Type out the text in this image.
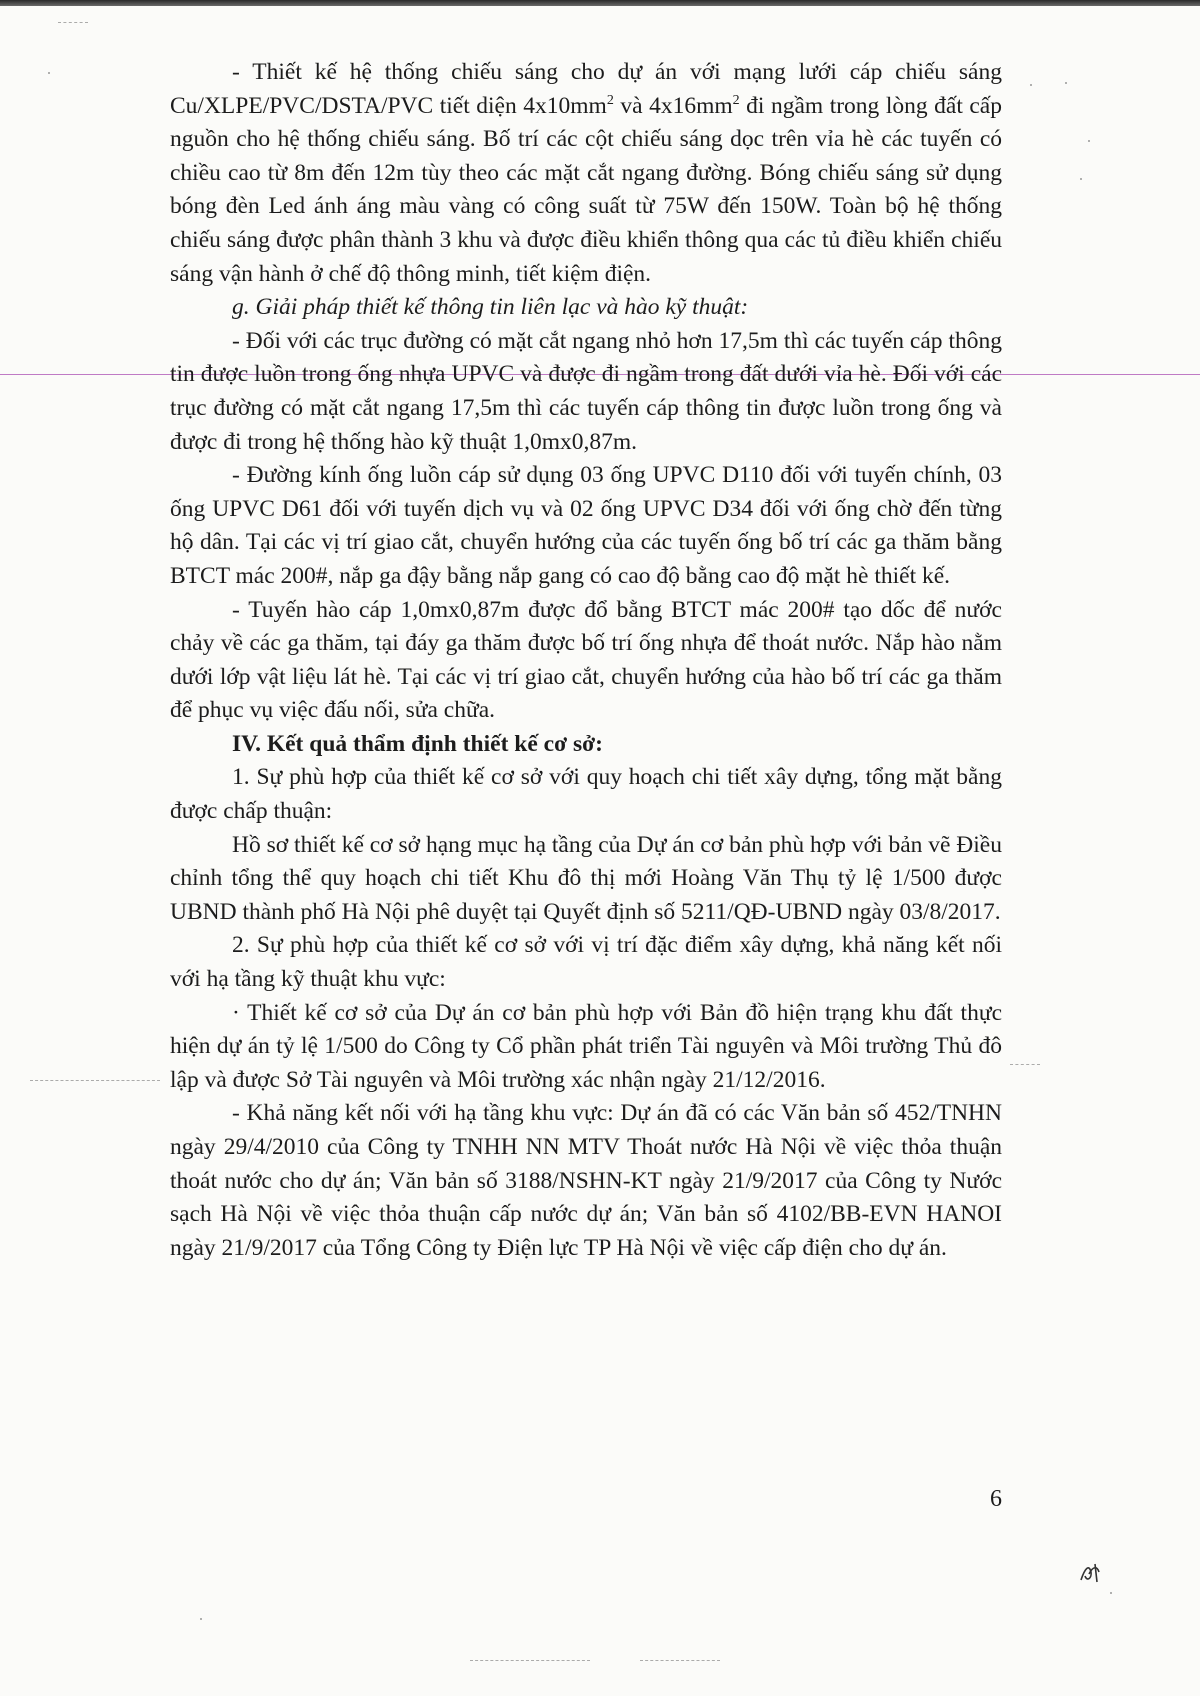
- Thiết kế hệ thống chiếu sáng cho dự án với mạng lưới cáp chiếu sáng Cu/XLPE/PVC/DSTA/PVC tiết diện $4x10mm^2$ và $4x16mm^2$ đi ngầm trong lòng đất cấp nguồn cho hệ thống chiếu sáng. Bố trí các cột chiếu sáng dọc trên vỉa hè các tuyến có chiều cao từ 8m đến 12m tùy theo các mặt cắt ngang đường. Bóng chiếu sáng sử dụng bóng đèn Led ánh áng màu vàng có công suất từ 75W đến 150W. Toàn bộ hệ thống chiếu sáng được phân thành 3 khu và được điều khiển thông qua các tủ điều khiển chiếu sáng vận hành ở chế độ thông minh, tiết kiệm điện.

g. Giải pháp thiết kế thông tin liên lạc và hào kỹ thuật:

- Đối với các trục đường có mặt cắt ngang nhỏ hơn 17,5m thì các tuyến cáp thông tin được luồn trong ống nhựa UPVC và được đi ngầm trong đất dưới vỉa hè. Đối với các trục đường có mặt cắt ngang 17,5m thì các tuyến cáp thông tin được luồn trong ống và được đi trong hệ thống hào kỹ thuật 1,0mx0,87m.

- Đường kính ống luồn cáp sử dụng 03 ống UPVC D110 đối với tuyến chính, 03 ống UPVC D61 đối với tuyến dịch vụ và 02 ống UPVC D34 đối với ống chờ đến từng hộ dân. Tại các vị trí giao cắt, chuyển hướng của các tuyến ống bố trí các ga thăm bằng BTCT mác 200#, nắp ga đậy bằng nắp gang có cao độ bằng cao độ mặt hè thiết kế.

- Tuyến hào cáp 1,0mx0,87m được đổ bằng BTCT mác 200# tạo dốc để nước chảy về các ga thăm, tại đáy ga thăm được bố trí ống nhựa để thoát nước. Nắp hào nằm dưới lớp vật liệu lát hè. Tại các vị trí giao cắt, chuyển hướng của hào bố trí các ga thăm để phục vụ việc đấu nối, sửa chữa.

IV. Kết quả thẩm định thiết kế cơ sở:

1. Sự phù hợp của thiết kế cơ sở với quy hoạch chi tiết xây dựng, tổng mặt bằng được chấp thuận:

Hồ sơ thiết kế cơ sở hạng mục hạ tầng của Dự án cơ bản phù hợp với bản vẽ Điều chỉnh tổng thể quy hoạch chi tiết Khu đô thị mới Hoàng Văn Thụ tỷ lệ 1/500 được UBND thành phố Hà Nội phê duyệt tại Quyết định số 5211/QĐ-UBND ngày 03/8/2017.

2. Sự phù hợp của thiết kế cơ sở với vị trí đặc điểm xây dựng, khả năng kết nối với hạ tầng kỹ thuật khu vực:

· Thiết kế cơ sở của Dự án cơ bản phù hợp với Bản đồ hiện trạng khu đất thực hiện dự án tỷ lệ 1/500 do Công ty Cổ phần phát triển Tài nguyên và Môi trường Thủ đô lập và được Sở Tài nguyên và Môi trường xác nhận ngày 21/12/2016.

- Khả năng kết nối với hạ tầng khu vực: Dự án đã có các Văn bản số 452/TNHN ngày 29/4/2010 của Công ty TNHH NN MTV Thoát nước Hà Nội về việc thỏa thuận thoát nước cho dự án; Văn bản số 3188/NSHN-KT ngày 21/9/2017 của Công ty Nước sạch Hà Nội về việc thỏa thuận cấp nước dự án; Văn bản số 4102/BB-EVN HANOI ngày 21/9/2017 của Tổng Công ty Điện lực TP Hà Nội về việc cấp điện cho dự án.

6
